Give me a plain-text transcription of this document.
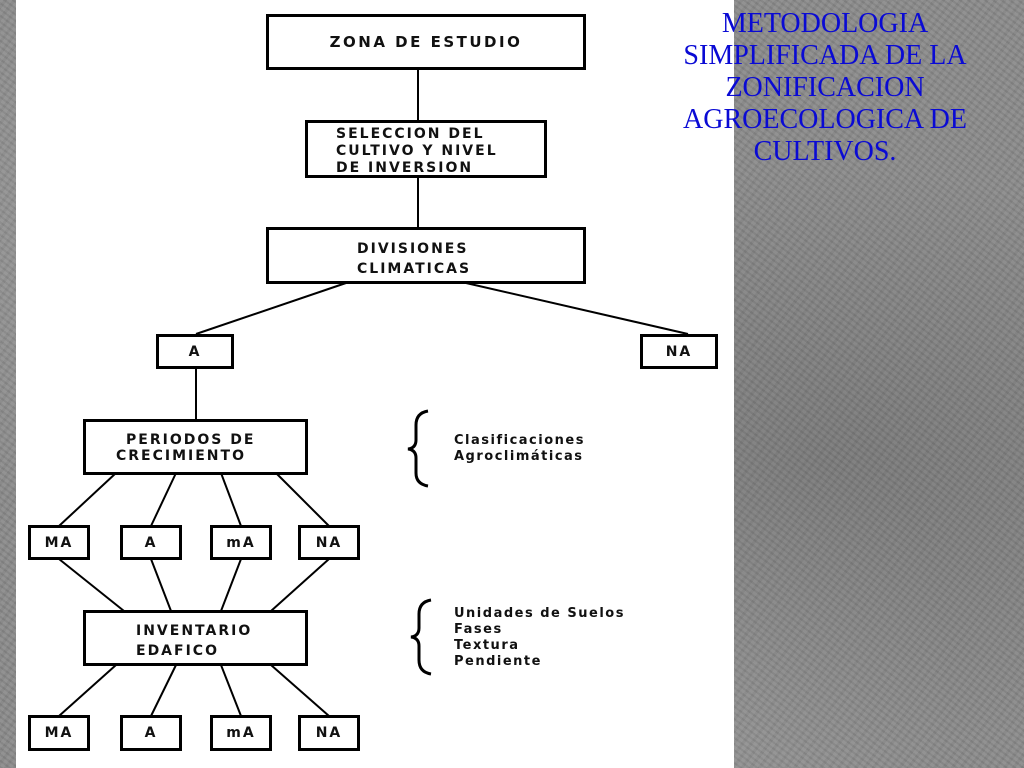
ZONA DE ESTUDIO
SELECCION DEL
CULTIVO Y NIVEL
DE INVERSION
DIVISIONES
CLIMATICAS
A	NA
PERIODOS DE
CRECIMIENTO
MA	A	mA	NA
INVENTARIO
EDAFICO
MA	A	mA	NA
Clasificaciones
Agroclimáticas
Unidades de Suelos
Fases
Textura
Pendiente
METODOLOGIA
SIMPLIFICADA DE LA
ZONIFICACION
AGROECOLOGICA DE
CULTIVOS.
